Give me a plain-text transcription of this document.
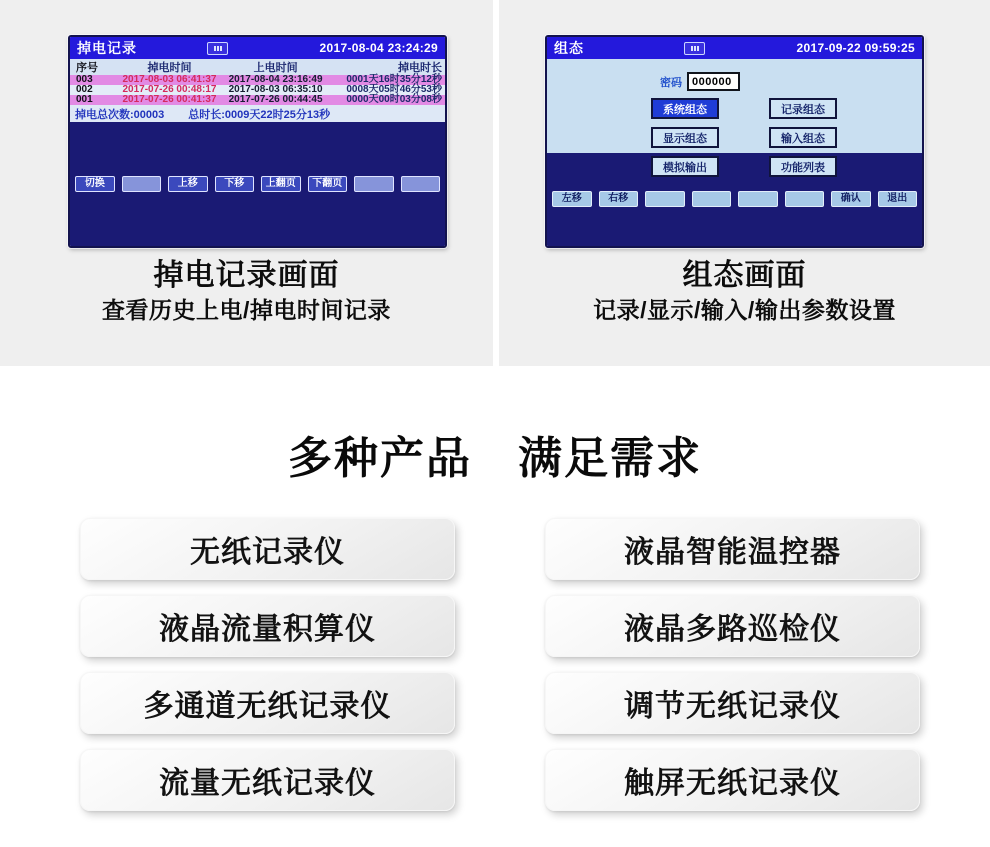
掉电记录	2017-08-04 23:24:29
序号	掉电时间	上电时间	掉电时长
003	2017-08-03 06:41:37	2017-08-04 23:16:49	0001天16时35分12秒
002	2017-07-26 00:48:17	2017-08-03 06:35:10	0008天05时46分53秒
001	2017-07-26 00:41:37	2017-07-26 00:44:45	0000天00时03分08秒
掉电总次数:00003 总时长:0009天22时25分13秒
切换	上移	下移	上翻页	下翻页
掉电记录画面
查看历史上电/掉电时间记录
组态	2017-09-22 09:59:25
密码 000000
系统组态	记录组态
显示组态	输入组态
模拟输出	功能列表
左移	右移	确认	退出
组态画面
记录/显示/输入/输出参数设置
多种产品　满足需求
无纸记录仪
液晶流量积算仪
多通道无纸记录仪
流量无纸记录仪
液晶智能温控器
液晶多路巡检仪
调节无纸记录仪
触屏无纸记录仪
